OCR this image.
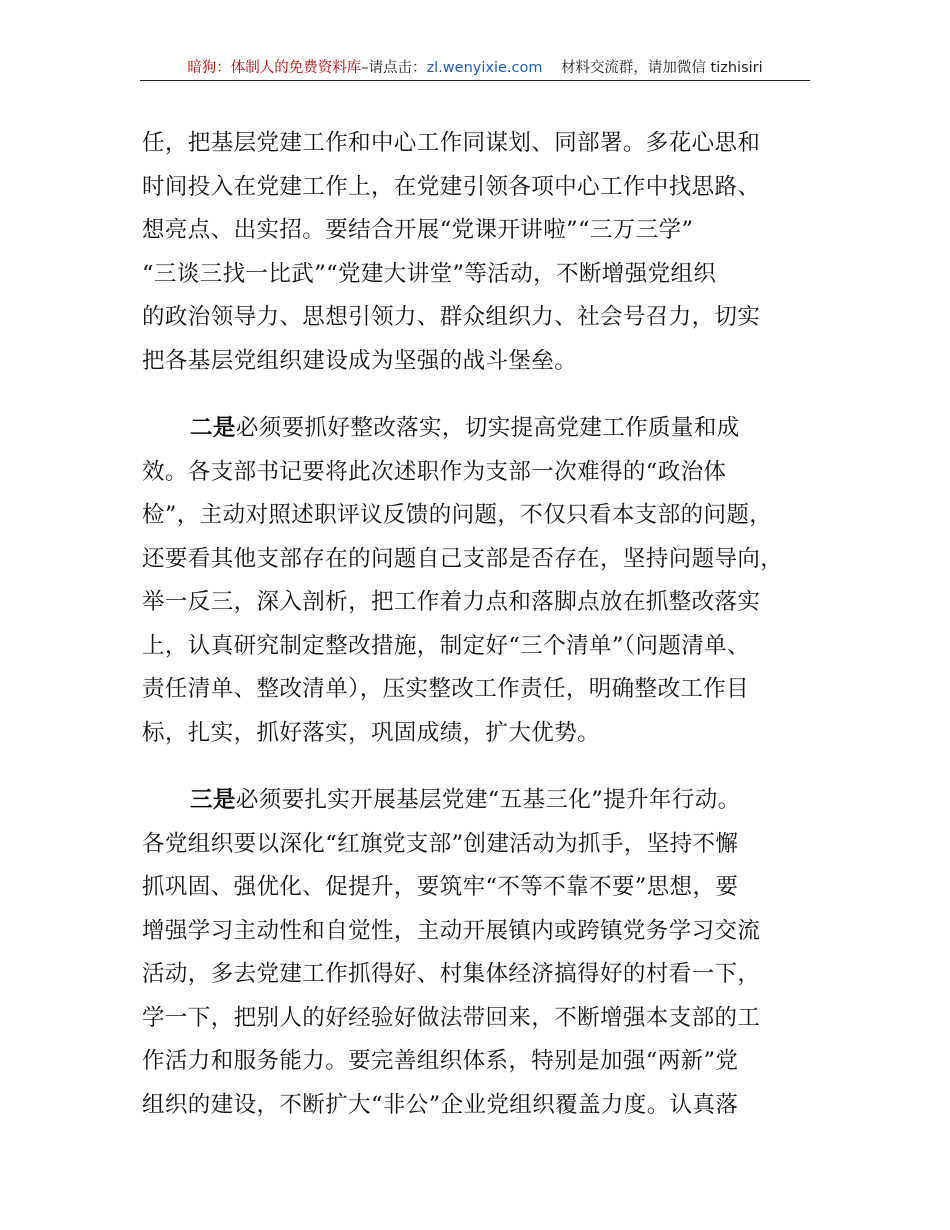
暗狗：体制人的免费资料库–请点击：zl.wenyixie.com 材料交流群，请加微信 tizhisiri

任，把基层党建工作和中心工作同谋划、同部署。多花心思和
时间投入在党建工作上，在党建引领各项中心工作中找思路、
想亮点、出实招。要结合开展“党课开讲啦”“三万三学”
“三谈三找一比武”“党建大讲堂”等活动，不断增强党组织
的政治领导力、思想引领力、群众组织力、社会号召力，切实
把各基层党组织建设成为坚强的战斗堡垒。

二是必须要抓好整改落实，切实提高党建工作质量和成
效。各支部书记要将此次述职作为支部一次难得的“政治体
检”，主动对照述职评议反馈的问题，不仅只看本支部的问题，
还要看其他支部存在的问题自己支部是否存在，坚持问题导向，
举一反三，深入剖析，把工作着力点和落脚点放在抓整改落实
上，认真研究制定整改措施，制定好“三个清单”（问题清单、
责任清单、整改清单），压实整改工作责任，明确整改工作目
标，扎实，抓好落实，巩固成绩，扩大优势。

三是必须要扎实开展基层党建“五基三化”提升年行动。
各党组织要以深化“红旗党支部”创建活动为抓手，坚持不懈
抓巩固、强优化、促提升，要筑牢“不等不靠不要”思想，要
增强学习主动性和自觉性，主动开展镇内或跨镇党务学习交流
活动，多去党建工作抓得好、村集体经济搞得好的村看一下，
学一下，把别人的好经验好做法带回来，不断增强本支部的工
作活力和服务能力。要完善组织体系，特别是加强“两新”党
组织的建设，不断扩大“非公”企业党组织覆盖力度。认真落
